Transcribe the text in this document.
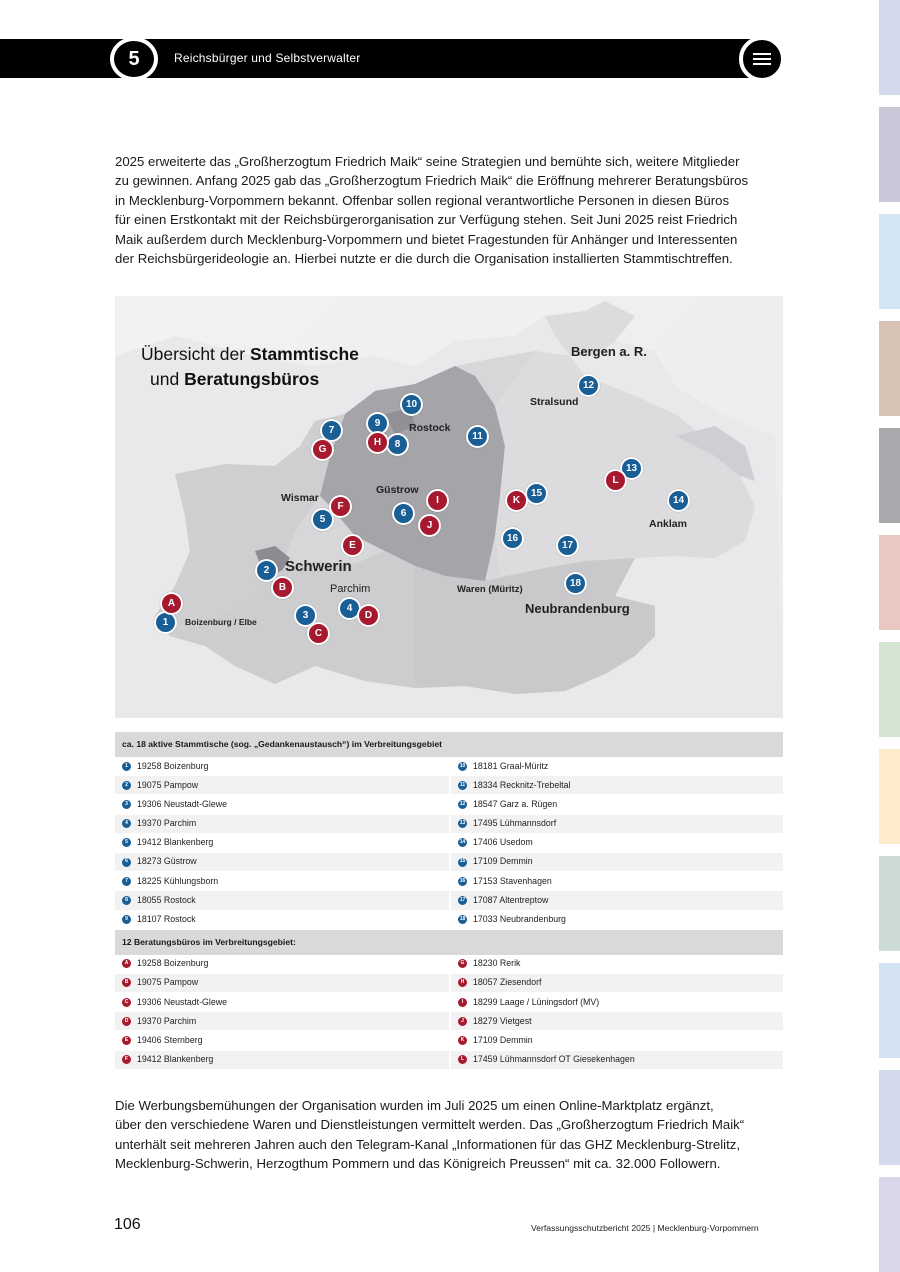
5	Reichsbürger und Selbstverwalter
2025 erweiterte das „Großherzogtum Friedrich Maik“ seine Strategien und bemühte sich, weitere Mitglieder
zu gewinnen. Anfang 2025 gab das „Großherzogtum Friedrich Maik“ die Eröffnung mehrerer Beratungsbüros
in Mecklenburg-Vorpommern bekannt. Offenbar sollen regional verantwortliche Personen in diesen Büros
für einen Erstkontakt mit der Reichsbürgerorganisation zur Verfügung stehen. Seit Juni 2025 reist Friedrich
Maik außerdem durch Mecklenburg-Vorpommern und bietet Fragestunden für Anhänger und Interessenten
der Reichsbürgerideologie an. Hierbei nutzte er die durch die Organisation installierten Stammtischtreffen.
Übersicht der Stammtische
und Beratungsbüros
Bergen a. R.
Stralsund
Rostock
Wismar
Güstrow
Anklam
Schwerin
Parchim	Waren (Müritz)
Neubrandenburg
Boizenburg / Elbe
1
2
3
4
5
6
7
8
9
10
11
12
13
14
15
16
17
18
A
B
C
D
E
F
G
H
I
J
K
L
ca. 18 aktive Stammtische (sog. „Gedankenaustausch“) im Verbreitungsgebiet
1	19258 Boizenburg	10 18181 Graal-Müritz
2	19075 Pampow	11 18334 Recknitz-Trebeltal
3	19306 Neustadt-Glewe	12 18547 Garz a. Rügen
4	19370 Parchim	13 17495 Lühmannsdorf
5	19412 Blankenberg	14 17406 Usedom
6	18273 Güstrow	15 17109 Demmin
7	18225 Kühlungsborn	16 17153 Stavenhagen
8	18055 Rostock	17 17087 Altentreptow
9	18107 Rostock	18 17033 Neubrandenburg
12 Beratungsbüros im Verbreitungsgebiet:
A 19258 Boizenburg	G 18230 Rerik
B 19075 Pampow	H 18057 Ziesendorf
C 19306 Neustadt-Glewe	I	18299 Laage / Lüningsdorf (MV)
D 19370 Parchim	J	18279 Vietgest
E	19406 Sternberg	K 17109 Demmin
F	19412 Blankenberg	L	17459 Lühmannsdorf OT Giesekenhagen
Die Werbungsbemühungen der Organisation wurden im Juli 2025 um einen Online-Marktplatz ergänzt,
über den verschiedene Waren und Dienstleistungen vermittelt werden. Das „Großherzogtum Friedrich Maik“
unterhält seit mehreren Jahren auch den Telegram-Kanal „Informationen für das GHZ Mecklenburg-Strelitz,
Mecklenburg-Schwerin, Herzogthum Pommern und das Königreich Preussen“ mit ca. 32.000 Followern.
106	Verfassungsschutzbericht 2025 | Mecklenburg-Vorpommern
